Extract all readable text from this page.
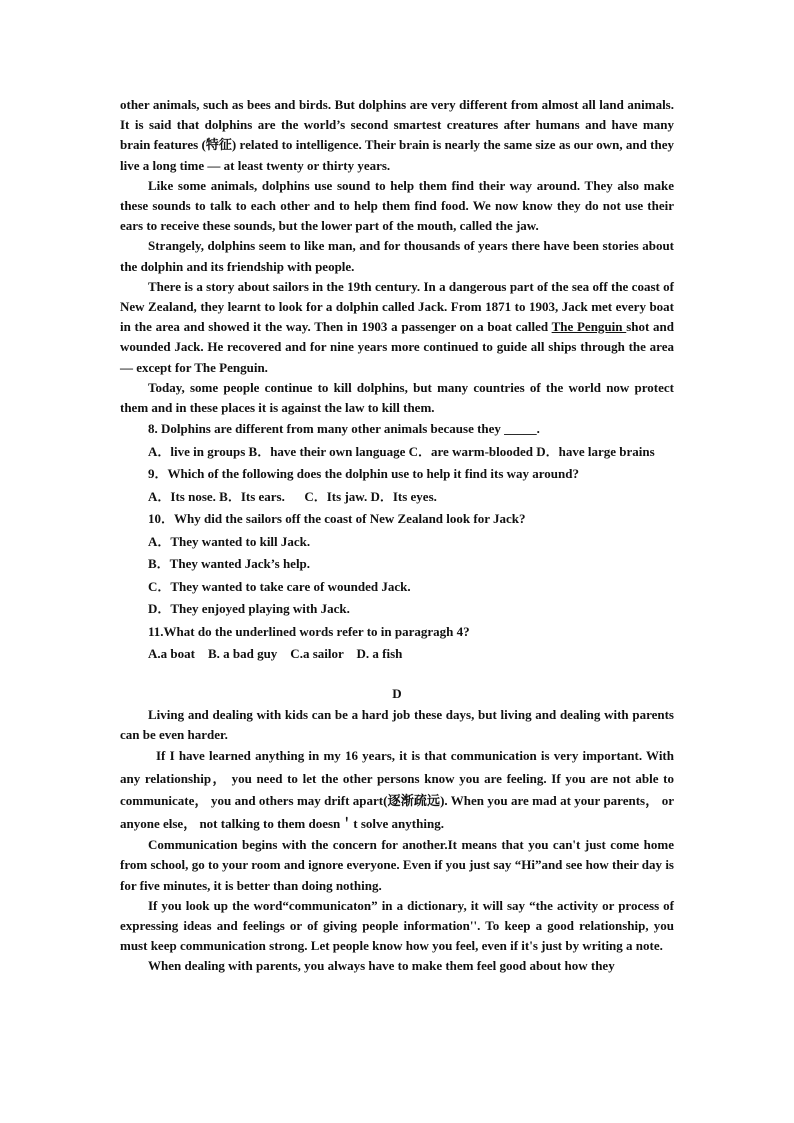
other animals, such as bees and birds. But dolphins are very different from almost all land animals. It is said that dolphins are the world’s second smartest creatures after humans and have many brain features (特征) related to intelligence. Their brain is nearly the same size as our own, and they live a long time — at least twenty or thirty years.

Like some animals, dolphins use sound to help them find their way around. They also make these sounds to talk to each other and to help them find food. We now know they do not use their ears to receive these sounds, but the lower part of the mouth, called the jaw.

Strangely, dolphins seem to like man, and for thousands of years there have been stories about the dolphin and its friendship with people.

There is a story about sailors in the 19th century. In a dangerous part of the sea off the coast of New Zealand, they learnt to look for a dolphin called Jack. From 1871 to 1903, Jack met every boat in the area and showed it the way. Then in 1903 a passenger on a boat called The Penguin shot and wounded Jack. He recovered and for nine years more continued to guide all ships through the area — except for The Penguin.

Today, some people continue to kill dolphins, but many countries of the world now protect them and in these places it is against the law to kill them.

8. Dolphins are different from many other animals because they _____.

A．live in groups B．have their own language C．are warm-blooded D．have large brains

9．Which of the following does the dolphin use to help it find its way around?

A．Its nose. B．Its ears.      C．Its jaw. D．Its eyes.

10．Why did the sailors off the coast of New Zealand look for Jack?

A．They wanted to kill Jack.

B．They wanted Jack’s help.

C．They wanted to take care of wounded Jack.

D．They enjoyed playing with Jack.

11.What do the underlined words refer to in paragragh 4?

A.a boat    B. a bad guy    C.a sailor    D. a fish

D

Living and dealing with kids can be a hard job these days, but living and dealing with parents can be even harder.

If I have learned anything in my 16 years, it is that communication is very important. With any relationship， you need to let the other persons know you are feeling. If you are not able to communicate， you and others may drift apart(逐渐疏远). When you are mad at your parents， or anyone else， not talking to them doesn＇t solve anything.

Communication begins with the concern for another.It means that you can't just come home from school, go to your room and ignore everyone. Even if you just say “Hi”and see how their day is for five minutes, it is better than doing nothing.

If you look up the word“communicaton” in a dictionary, it will say “the activity or process of expressing ideas and feelings or of giving people information''. To keep a good relationship, you must keep communication strong. Let people know how you feel, even if it's just by writing a note.

When dealing with parents, you always have to make them feel good about how they
